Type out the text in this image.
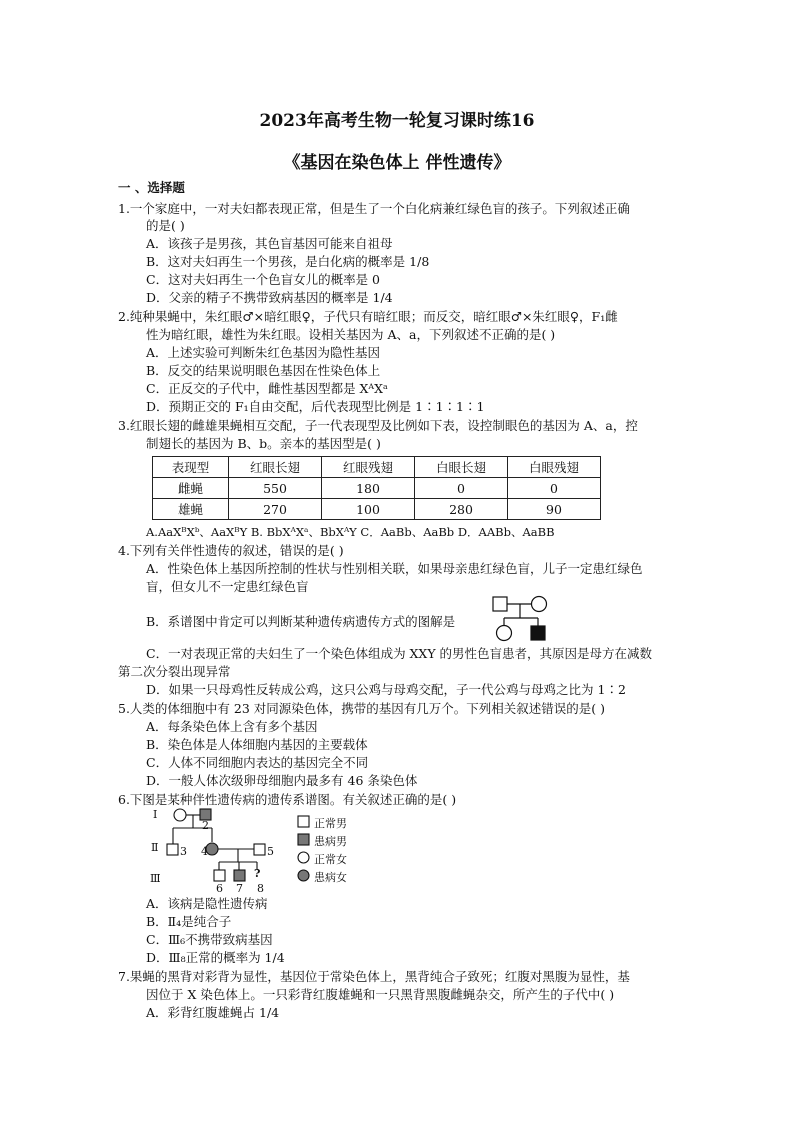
2023年高考生物一轮复习课时练16
《基因在染色体上 伴性遗传》
一 、选择题
1.一个家庭中，一对夫妇都表现正常，但是生了一个白化病兼红绿色盲的孩子。下列叙述正确
的是( )
A．该孩子是男孩，其色盲基因可能来自祖母
B．这对夫妇再生一个男孩，是白化病的概率是 1/8
C．这对夫妇再生一个色盲女儿的概率是 0
D．父亲的精子不携带致病基因的概率是 1/4
2.纯种果蝇中，朱红眼♂×暗红眼♀，子代只有暗红眼；而反交，暗红眼♂×朱红眼♀，F₁雌
性为暗红眼，雄性为朱红眼。设相关基因为 A、a，下列叙述不正确的是( )
A．上述实验可判断朱红色基因为隐性基因
B．反交的结果说明眼色基因在性染色体上
C．正反交的子代中，雌性基因型都是 XᴬXᵃ
D．预期正交的 F₁自由交配，后代表现型比例是 1∶1∶1∶1
3.红眼长翅的雌雄果蝇相互交配，子一代表现型及比例如下表，设控制眼色的基因为 A、a，控
制翅长的基因为 B、b。亲本的基因型是( )
表现型	红眼长翅	红眼残翅	白眼长翅	白眼残翅
雌蝇	550	180	0	0
雄蝇	270	100	280	90
A.AaXᴮXᵇ、AaXᴮY B. BbXᴬXᵃ、BbXᴬY C．AaBb、AaBb D．AABb、AaBB
4.下列有关伴性遗传的叙述，错误的是( )
A．性染色体上基因所控制的性状与性别相关联，如果母亲患红绿色盲，儿子一定患红绿色
盲，但女儿不一定患红绿色盲
B．系谱图中肯定可以判断某种遗传病遗传方式的图解是
C．一对表现正常的夫妇生了一个染色体组成为 XXY 的男性色盲患者，其原因是母方在减数
第二次分裂出现异常
D．如果一只母鸡性反转成公鸡，这只公鸡与母鸡交配，子一代公鸡与母鸡之比为 1∶2
5.人类的体细胞中有 23 对同源染色体，携带的基因有几万个。下列相关叙述错误的是( )
A．每条染色体上含有多个基因
B．染色体是人体细胞内基因的主要载体
C．人体不同细胞内表达的基因完全不同
D．一般人体次级卵母细胞内最多有 46 条染色体
6.下图是某种伴性遗传病的遗传系谱图。有关叙述正确的是( )
Ⅰ
Ⅱ
Ⅲ
2
3 4	5
?
6 7 8
正常男
患病男
正常女
患病女
A．该病是隐性遗传病
B．Ⅱ₄是纯合子
C．Ⅲ₆不携带致病基因
D．Ⅲ₈正常的概率为 1/4
7.果蝇的黑背对彩背为显性，基因位于常染色体上，黑背纯合子致死；红腹对黑腹为显性，基
因位于 X 染色体上。一只彩背红腹雄蝇和一只黑背黑腹雌蝇杂交，所产生的子代中( )
A．彩背红腹雄蝇占 1/4
